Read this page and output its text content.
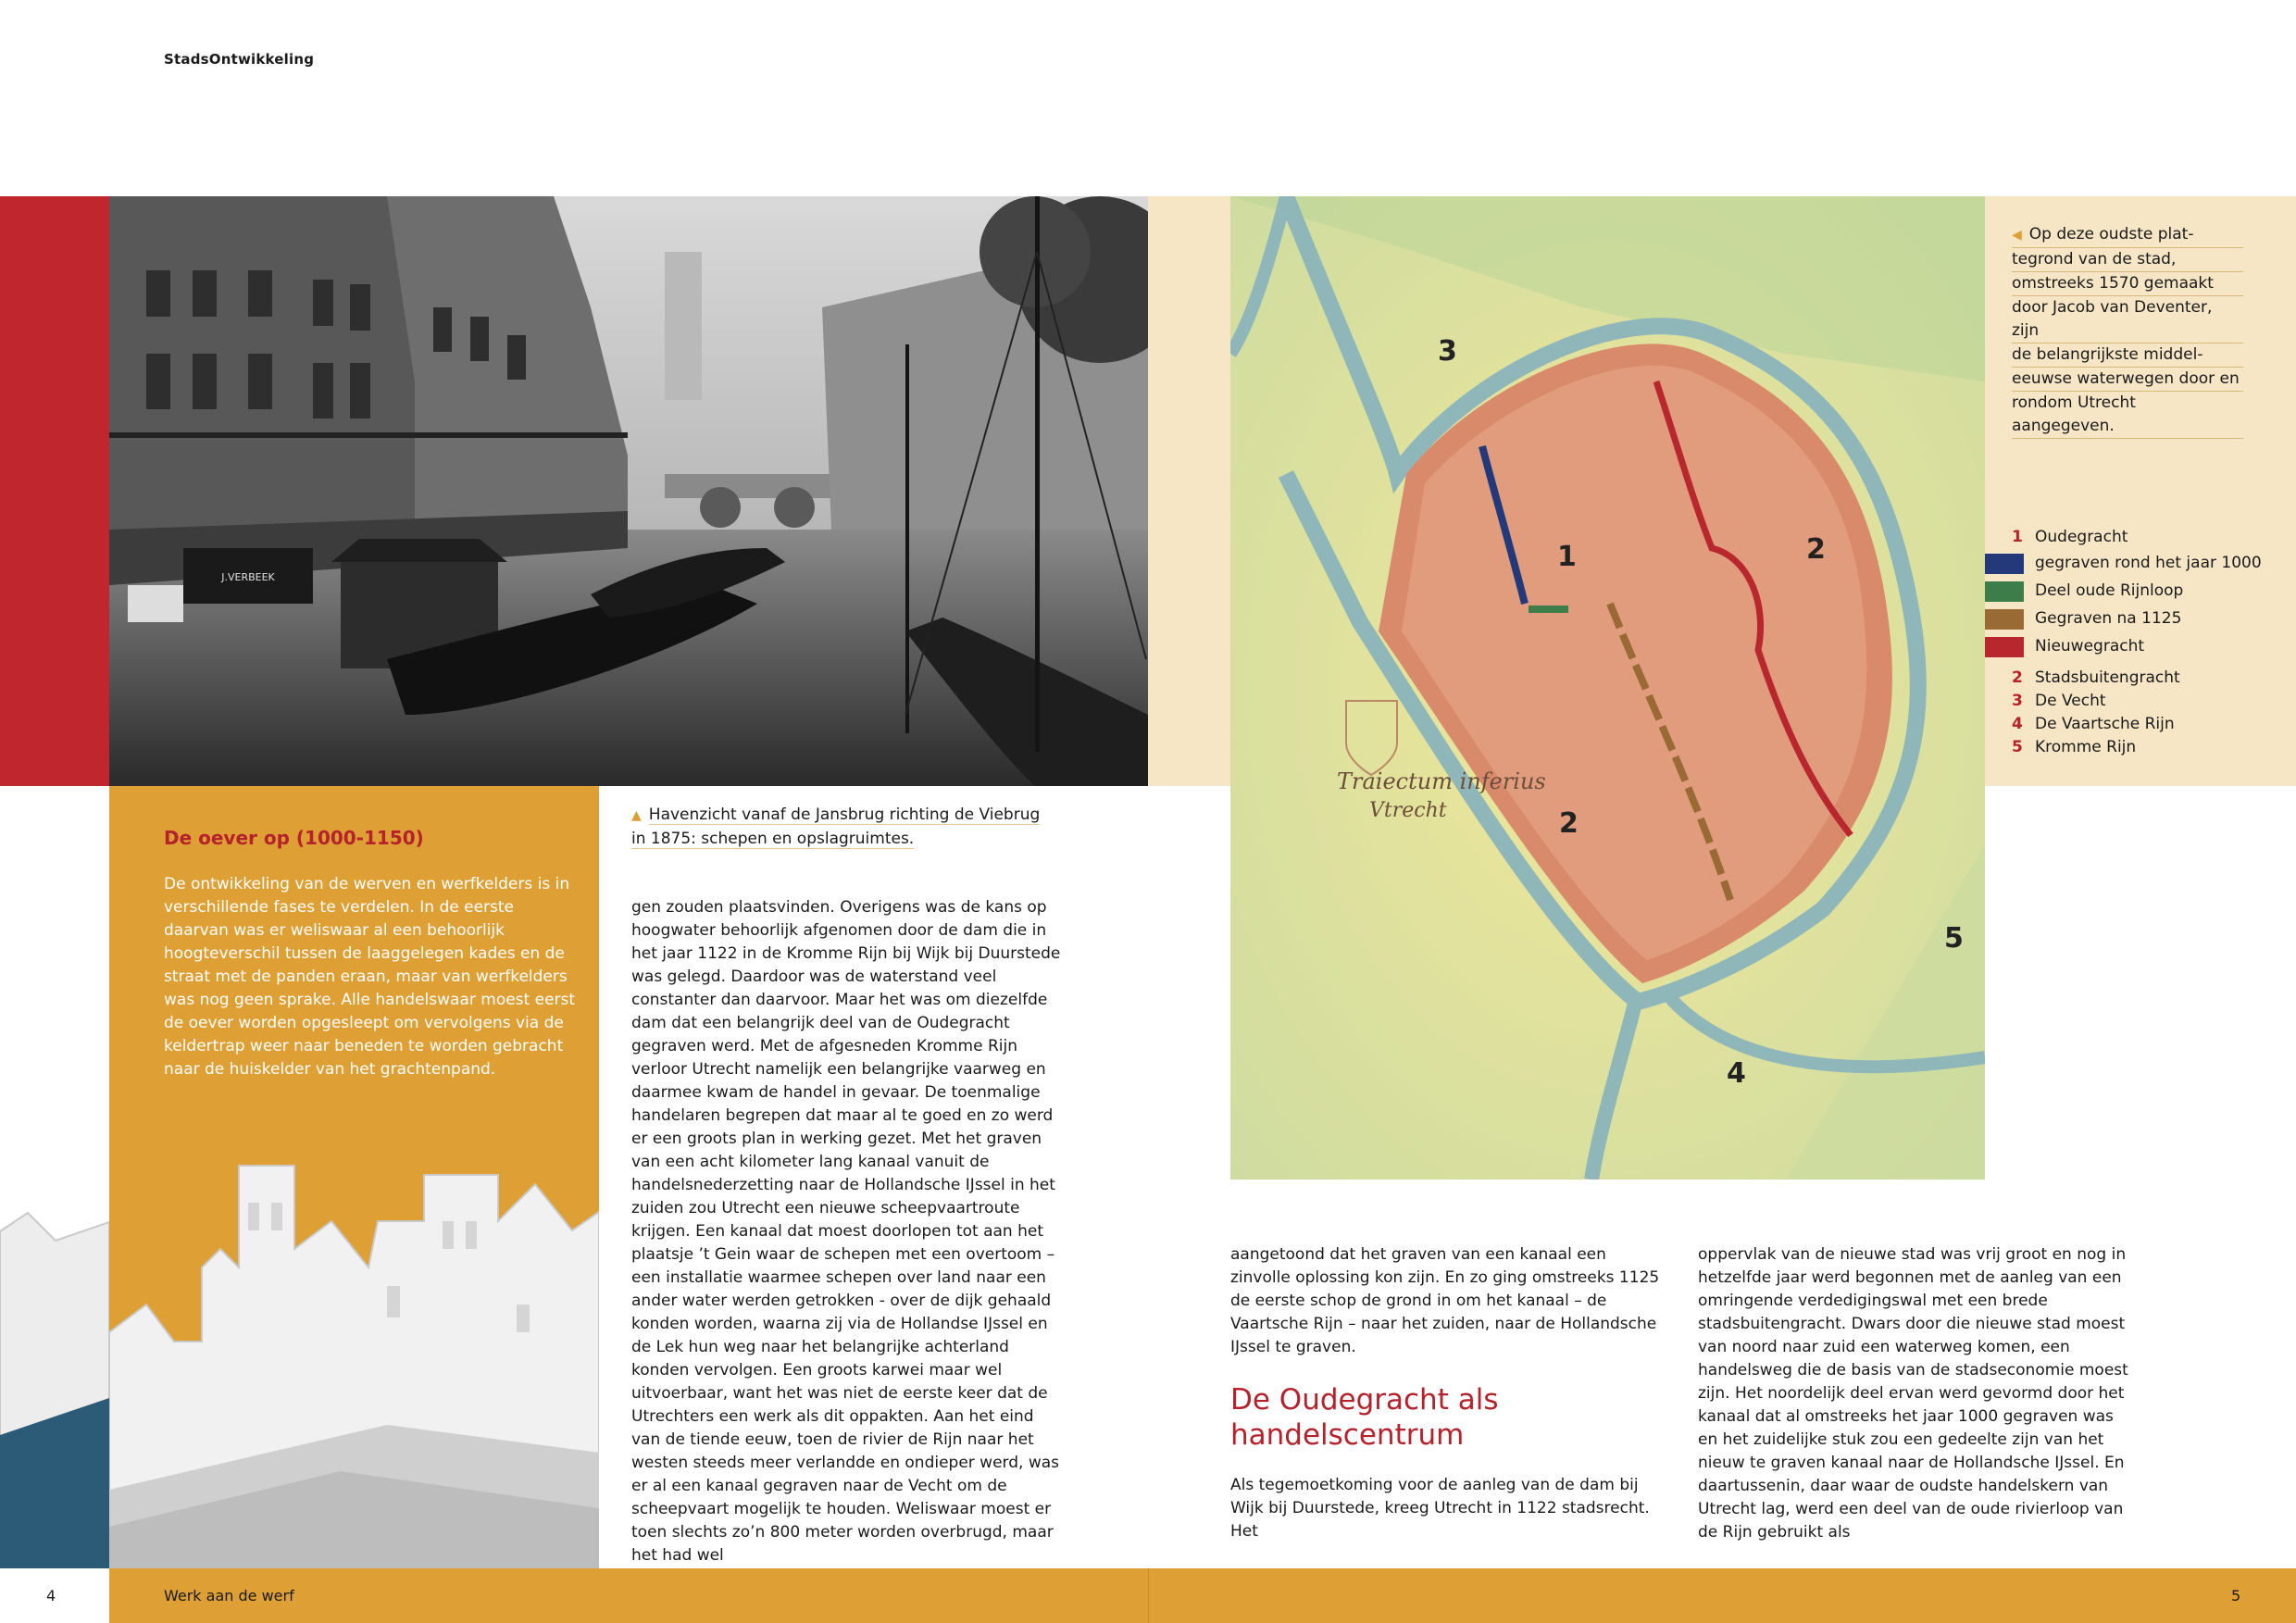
StadsOntwikkeling
J.VERBEEK
Traiectum inferius
Vtrecht
1	2
2
3
4
5
◀ Op deze oudste plat-
tegrond van de stad,
omstreeks 1570 gemaakt
door Jacob van Deventer, zijn
de belangrijkste middel-
eeuwse waterwegen door en
rondom Utrecht aangegeven.
1 Oudegracht
gegraven rond het jaar 1000
Deel oude Rijnloop
Gegraven na 1125
Nieuwegracht
2 Stadsbuitengracht
3 De Vecht
4 De Vaartsche Rijn
5 Kromme Rijn
De oever op (1000-1150)
De ontwikkeling van de werven en werfkelders is in verschillende fases te verdelen. In de eerste daarvan was er weliswaar al een behoorlijk hoogteverschil tussen de laaggelegen kades en de straat met de panden eraan, maar van werfkelders was nog geen sprake. Alle handelswaar moest eerst de oever worden opgesleept om vervolgens via de keldertrap weer naar beneden te worden gebracht naar de huiskelder van het grachtenpand.
▲ Havenzicht vanaf de Jansbrug richting de Viebrug in 1875: schepen en opslagruimtes.
gen zouden plaatsvinden. Overigens was de kans op hoogwater behoorlijk afgenomen door de dam die in het jaar 1122 in de Kromme Rijn bij Wijk bij Duurstede was gelegd. Daardoor was de waterstand veel constanter dan daarvoor. Maar het was om diezelfde dam dat een belangrijk deel van de Oudegracht gegraven werd. Met de afgesneden Kromme Rijn verloor Utrecht namelijk een belangrijke vaarweg en daarmee kwam de handel in gevaar. De toenmalige handelaren begrepen dat maar al te goed en zo werd er een groots plan in werking gezet. Met het graven van een acht kilometer lang kanaal vanuit de handelsnederzetting naar de Hollandsche IJssel in het zuiden zou Utrecht een nieuwe scheepvaartroute krijgen. Een kanaal dat moest doorlopen tot aan het plaatsje ’t Gein waar de schepen met een overtoom – een installatie waarmee schepen over land naar een ander water werden getrokken - over de dijk gehaald konden worden, waarna zij via de Hollandse IJssel en de Lek hun weg naar het belangrijke achterland konden vervolgen. Een groots karwei maar wel uitvoerbaar, want het was niet de eerste keer dat de Utrechters een werk als dit oppakten. Aan het eind van de tiende eeuw, toen de rivier de Rijn naar het westen steeds meer verlandde en ondieper werd, was er al een kanaal gegraven naar de Vecht om de scheepvaart mogelijk te houden. Weliswaar moest er toen slechts zo’n 800 meter worden overbrugd, maar het had wel
aangetoond dat het graven van een kanaal een zinvolle oplossing kon zijn. En zo ging omstreeks 1125 de eerste schop de grond in om het kanaal – de Vaartsche Rijn – naar het zuiden, naar de Hollandsche IJssel te graven.
De Oudegracht als handelscentrum
Als tegemoetkoming voor de aanleg van de dam bij Wijk bij Duurstede, kreeg Utrecht in 1122 stadsrecht. Het
oppervlak van de nieuwe stad was vrij groot en nog in hetzelfde jaar werd begonnen met de aanleg van een omringende verdedigingswal met een brede stadsbuitengracht. Dwars door die nieuwe stad moest van noord naar zuid een waterweg komen, een handelsweg die de basis van de stadseconomie moest zijn. Het noordelijk deel ervan werd gevormd door het kanaal dat al omstreeks het jaar 1000 gegraven was en het zuidelijke stuk zou een gedeelte zijn van het nieuw te graven kanaal naar de Hollandsche IJssel. En daartussenin, daar waar de oudste handelskern van Utrecht lag, werd een deel van de oude rivierloop van de Rijn gebruikt als
4	Werk aan de werf	5
